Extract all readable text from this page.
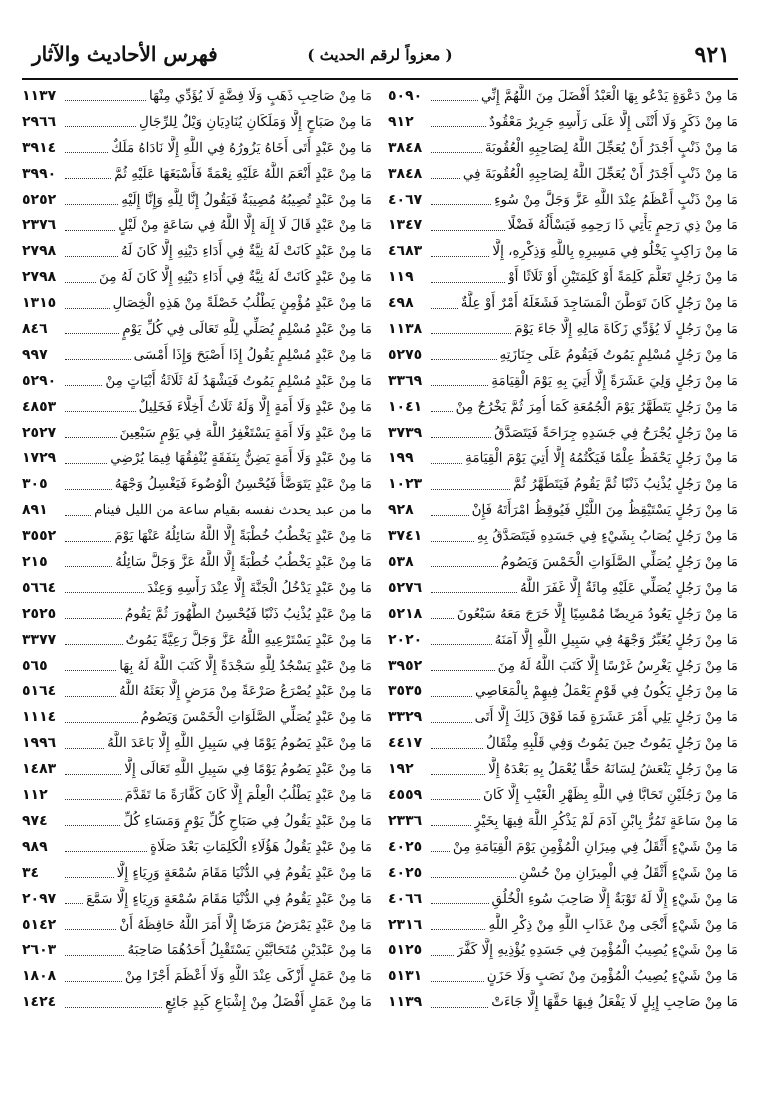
٩٢١
( معزواً لرقم الحديث )
فهرس الأحاديث والآثار
مَا مِنْ دَعْوَةٍ يَدْعُو بِهَا الْعَبْدُ أَفْضَلَ مِنَ اللَّهُمَّ إِنِّي
٥٠٩٠
مَا مِنْ ذَكَرٍ وَلَا أُنْثَى إِلَّا عَلَى رَأْسِهِ جَرِيرٌ مَعْقُودٌ
٩١٢
مَا مِنْ ذَنْبٍ أَجْدَرُ أَنْ يُعَجِّلَ اللَّهُ لِصَاحِبِهِ الْعُقُوبَةَ
٣٨٤٨
مَا مِنْ ذَنْبٍ أَجْدَرُ أَنْ يُعَجِّلَ اللَّهُ لِصَاحِبِهِ الْعُقُوبَةَ فِي
٣٨٤٨
مَا مِنْ ذَنْبٍ أَعْظَمُ عِنْدَ اللَّهِ عَزَّ وَجَلَّ مِنْ سُوءِ
٤٠٦٧
مَا مِنْ ذِي رَحِمٍ يَأْتِي ذَا رَحِمِهِ فَيَسْأَلُهُ فَضْلًا
١٣٤٧
مَا مِنْ رَاكِبٍ يَخْلُو فِي مَسِيرِهِ بِاللَّهِ وَذِكْرِهِ، إِلَّا
٤٦٨٣
مَا مِنْ رَجُلٍ تَعَلَّمَ كَلِمَةً أَوْ كَلِمَتَيْنِ أَوْ ثَلَاثًا أَوْ
١١٩
مَا مِنْ رَجُلٍ كَانَ تَوَطَّنَ الْمَسَاجِدَ فَشَغَلَهُ أَمْرٌ أَوْ عِلَّةٌ
٤٩٨
مَا مِنْ رَجُلٍ لَا يُؤَدِّي زَكَاةَ مَالِهِ إِلَّا جَاءَ يَوْمَ
١١٣٨
مَا مِنْ رَجُلٍ مُسْلِمٍ يَمُوتُ فَيَقُومُ عَلَى جِنَازَتِهِ
٥٢٧٥
مَا مِنْ رَجُلٍ وَلِيَ عَشَرَةً إِلَّا أُتِيَ بِهِ يَوْمَ الْقِيَامَةِ
٣٣٦٩
مَا مِنْ رَجُلٍ يَتَطَهَّرُ يَوْمَ الْجُمُعَةِ كَمَا أُمِرَ ثُمَّ يَخْرُجُ مِنْ
١٠٤١
مَا مِنْ رَجُلٍ يُجْرَحُ فِي جَسَدِهِ جِرَاحَةً فَيَتَصَدَّقُ
٣٧٣٩
مَا مِنْ رَجُلٍ يَحْفَظُ عِلْمًا فَيَكْتُمُهُ إِلَّا أُتِيَ يَوْمَ الْقِيَامَةِ
١٩٩
مَا مِنْ رَجُلٍ يُذْنِبُ ذَنْبًا ثُمَّ يَقُومُ فَيَتَطَهَّرُ ثُمَّ
١٠٢٣
مَا مِنْ رَجُلٍ يَسْتَيْقِظُ مِنَ اللَّيْلِ فَيُوقِظُ امْرَأَتَهُ فَإِنْ
٩٢٨
مَا مِنْ رَجُلٍ يُصَابُ بِشَيْءٍ فِي جَسَدِهِ فَيَتَصَدَّقُ بِهِ
٣٧٤١
مَا مِنْ رَجُلٍ يُصَلِّي الصَّلَوَاتِ الْخَمْسَ وَيَصُومُ
٥٣٨
مَا مِنْ رَجُلٍ يُصَلِّي عَلَيْهِ مِائَةٌ إِلَّا غَفَرَ اللَّهُ
٥٢٧٦
مَا مِنْ رَجُلٍ يَعُودُ مَرِيضًا مُمْسِيًا إِلَّا خَرَجَ مَعَهُ سَبْعُونَ
٥٢١٨
مَا مِنْ رَجُلٍ يُغَبِّرُ وَجْهَهُ فِي سَبِيلِ اللَّهِ إِلَّا آمَنَهُ
٢٠٢٠
مَا مِنْ رَجُلٍ يَغْرِسُ غَرْسًا إِلَّا كَتَبَ اللَّهُ لَهُ مِنَ
٣٩٥٢
مَا مِنْ رَجُلٍ يَكُونُ فِي قَوْمٍ يَعْمَلُ فِيهِمْ بِالْمَعَاصِي
٣٥٣٥
مَا مِنْ رَجُلٍ يَلِي أَمْرَ عَشَرَةٍ فَمَا فَوْقَ ذَلِكَ إِلَّا أَتَى
٣٣٢٩
مَا مِنْ رَجُلٍ يَمُوتُ حِينَ يَمُوتُ وَفِي قَلْبِهِ مِثْقَالُ
٤٤١٧
مَا مِنْ رَجُلٍ يَنْعَشُ لِسَانَهُ حَقًّا يُعْمَلُ بِهِ بَعْدَهُ إِلَّا
١٩٢
مَا مِنْ رَجُلَيْنِ تَحَابَّا فِي اللَّهِ بِظَهْرِ الْغَيْبِ إِلَّا كَانَ
٤٥٥٩
مَا مِنْ سَاعَةٍ تَمُرُّ بِابْنِ آدَمَ لَمْ يَذْكُرِ اللَّهَ فِيهَا بِخَيْرٍ
٢٣٣٦
مَا مِنْ شَيْءٍ أَثْقَلُ فِي مِيزَانِ الْمُؤْمِنِ يَوْمَ الْقِيَامَةِ مِنْ
٤٠٢٥
مَا مِنْ شَيْءٍ أَثْقَلُ فِي الْمِيزَانِ مِنْ حُسْنِ
٤٠٢٥
مَا مِنْ شَيْءٍ إِلَّا لَهُ تَوْبَةٌ إِلَّا صَاحِبَ سُوءِ الْخُلُقِ
٤٠٦٦
مَا مِنْ شَيْءٍ أَنْجَى مِنْ عَذَابِ اللَّهِ مِنْ ذِكْرِ اللَّهِ
٢٣١٦
مَا مِنْ شَيْءٍ يُصِيبُ الْمُؤْمِنَ فِي جَسَدِهِ يُؤْذِيهِ إِلَّا كَفَّرَ
٥١٢٥
مَا مِنْ شَيْءٍ يُصِيبُ الْمُؤْمِنَ مِنْ نَصَبٍ وَلَا حَزَنٍ
٥١٣١
مَا مِنْ صَاحِبِ إِبِلٍ لَا يَفْعَلُ فِيهَا حَقَّهَا إِلَّا جَاءَتْ
١١٣٩
مَا مِنْ صَاحِبِ ذَهَبٍ وَلَا فِضَّةٍ لَا يُؤَدِّي مِنْهَا
١١٣٧
مَا مِنْ صَبَاحٍ إِلَّا وَمَلَكَانِ يُنَادِيَانِ وَيْلٌ لِلرِّجَالِ
٢٩٦٦
مَا مِنْ عَبْدٍ أَتَى أَخَاهُ يَزُورُهُ فِي اللَّهِ إِلَّا نَادَاهُ مَلَكٌ
٣٩١٤
مَا مِنْ عَبْدٍ أَنْعَمَ اللَّهُ عَلَيْهِ نِعْمَةً فَأَسْبَغَهَا عَلَيْهِ ثُمَّ
٣٩٩٠
مَا مِنْ عَبْدٍ تُصِيبُهُ مُصِيبَةٌ فَيَقُولُ إِنَّا لِلَّهِ وَإِنَّا إِلَيْهِ
٥٢٥٢
مَا مِنْ عَبْدٍ قَالَ لَا إِلَهَ إِلَّا اللَّهُ فِي سَاعَةٍ مِنْ لَيْلٍ
٢٣٧٦
مَا مِنْ عَبْدٍ كَانَتْ لَهُ نِيَّةٌ فِي أَدَاءِ دَيْنِهِ إِلَّا كَانَ لَهُ
٢٧٩٨
مَا مِنْ عَبْدٍ كَانَتْ لَهُ نِيَّةٌ فِي أَدَاءِ دَيْنِهِ إِلَّا كَانَ لَهُ مِنَ
٢٧٩٨
مَا مِنْ عَبْدٍ مُؤْمِنٍ يَطْلُبُ خَصْلَةً مِنْ هَذِهِ الْخِصَالِ
١٣١٥
مَا مِنْ عَبْدٍ مُسْلِمٍ يُصَلِّي لِلَّهِ تَعَالَى فِي كُلِّ يَوْمٍ
٨٤٦
مَا مِنْ عَبْدٍ مُسْلِمٍ يَقُولُ إِذَا أَصْبَحَ وَإِذَا أَمْسَى
٩٩٧
مَا مِنْ عَبْدٍ مُسْلِمٍ يَمُوتُ فَيَشْهَدُ لَهُ ثَلَاثَةُ أَبْيَاتٍ مِنْ
٥٢٩٠
مَا مِنْ عَبْدٍ وَلَا أَمَةٍ إِلَّا وَلَهُ ثَلَاثُ أَخِلَّاءَ فَخَلِيلٌ
٤٨٥٣
مَا مِنْ عَبْدٍ وَلَا أَمَةٍ يَسْتَغْفِرُ اللَّهَ فِي يَوْمٍ سَبْعِينَ
٢٥٢٧
مَا مِنْ عَبْدٍ وَلَا أَمَةٍ يَضِنُّ بِنَفَقَةٍ يُنْفِقُهَا فِيمَا يُرْضِي
١٧٢٩
مَا مِنْ عَبْدٍ يَتَوَضَّأُ فَيُحْسِنُ الْوُضُوءَ فَيَغْسِلُ وَجْهَهُ
٣٠٥
ما من عبد يحدث نفسه بقيام ساعة من الليل فينام
٨٩١
مَا مِنْ عَبْدٍ يَخْطُبُ خُطْبَةً إِلَّا اللَّهُ سَائِلُهُ عَنْهَا يَوْمَ
٣٥٥٢
مَا مِنْ عَبْدٍ يَخْطُبُ خُطْبَةً إِلَّا اللَّهُ عَزَّ وَجَلَّ سَائِلُهُ
٢١٥
مَا مِنْ عَبْدٍ يَدْخُلُ الْجَنَّةَ إِلَّا عِنْدَ رَأْسِهِ وَعِنْدَ
٥٦٦٤
مَا مِنْ عَبْدٍ يُذْنِبُ ذَنْبًا فَيُحْسِنُ الطُّهُورَ ثُمَّ يَقُومُ
٢٥٢٥
مَا مِنْ عَبْدٍ يَسْتَرْعِيهِ اللَّهُ عَزَّ وَجَلَّ رَعِيَّةً يَمُوتُ
٣٣٧٧
مَا مِنْ عَبْدٍ يَسْجُدُ لِلَّهِ سَجْدَةً إِلَّا كَتَبَ اللَّهُ لَهُ بِهَا
٥٦٥
مَا مِنْ عَبْدٍ يُصْرَعُ صَرْعَةً مِنْ مَرَضٍ إِلَّا بَعَثَهُ اللَّهُ
٥١٦٤
مَا مِنْ عَبْدٍ يُصَلِّي الصَّلَوَاتِ الْخَمْسَ وَيَصُومُ
١١١٤
مَا مِنْ عَبْدٍ يَصُومُ يَوْمًا فِي سَبِيلِ اللَّهِ إِلَّا بَاعَدَ اللَّهُ
١٩٩٦
مَا مِنْ عَبْدٍ يَصُومُ يَوْمًا فِي سَبِيلِ اللَّهِ تَعَالَى إِلَّا
١٤٨٣
مَا مِنْ عَبْدٍ يَطْلُبُ الْعِلْمَ إِلَّا كَانَ كَفَّارَةً مَا تَقَدَّمَ
١١٢
مَا مِنْ عَبْدٍ يَقُولُ فِي صَبَاحِ كُلِّ يَوْمٍ وَمَسَاءِ كُلِّ
٩٧٤
مَا مِنْ عَبْدٍ يَقُولُ هَؤُلَاءِ الْكَلِمَاتِ بَعْدَ صَلَاةٍ
٩٨٩
مَا مِنْ عَبْدٍ يَقُومُ فِي الدُّنْيَا مَقَامَ سُمْعَةٍ وَرِيَاءٍ إِلَّا
٣٤
مَا مِنْ عَبْدٍ يَقُومُ فِي الدُّنْيَا مَقَامَ سُمْعَةٍ وَرِيَاءٍ إِلَّا سَمَّعَ
٢٠٩٧
مَا مِنْ عَبْدٍ يَمْرَضُ مَرَضًا إِلَّا أَمَرَ اللَّهُ حَافِظَهُ أَنْ
٥١٤٢
مَا مِنْ عَبْدَيْنِ مُتَحَابَّيْنِ يَسْتَقْبِلُ أَحَدُهُمَا صَاحِبَهُ
٢٦٠٣
مَا مِنْ عَمَلٍ أَزْكَى عِنْدَ اللَّهِ وَلَا أَعْظَمَ أَجْرًا مِنْ
١٨٠٨
مَا مِنْ عَمَلٍ أَفْضَلُ مِنْ إِشْبَاعِ كَبِدٍ جَائِعٍ
١٤٢٤
